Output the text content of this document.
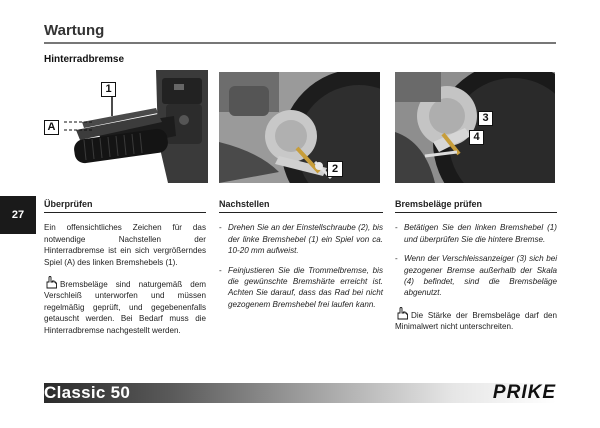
Wartung
Hinterradbremse
1
A
2
3
4
27
Überprüfen

Ein offensichtliches Zeichen für das notwendige Nachstellen der Hinterradbremse ist ein sich vergrößerndes Spiel (A) des linken Bremshebels (1).

Bremsbeläge sind naturgemäß dem Verschleiß unterworfen und müssen regelmäßig geprüft, und gegebenenfalls getauscht werden. Bei Bedarf muss die Hinterradbremse nachgestellt werden.

Nachstellen
- Drehen Sie an der Einstellschraube (2), bis der linke Bremshebel (1) ein Spiel von ca. 10-20 mm aufweist.
- Feinjustieren Sie die Trommelbremse, bis die gewünschte Bremshärte erreicht ist. Achten Sie darauf, dass das Rad bei nicht gezogenem Bremshebel frei laufen kann.
Bremsbeläge prüfen
- Betätigen Sie den linken Bremshebel (1) und überprüfen Sie die hintere Bremse.
- Wenn der Verschleissanzeiger (3) sich bei gezogener Bremse außerhalb der Skala (4) befindet, sind die Bremsbeläge abgenutzt.

Die Stärke der Bremsbeläge darf den Minimalwert nicht unterschreiten.

Classic 50	PRIKE
